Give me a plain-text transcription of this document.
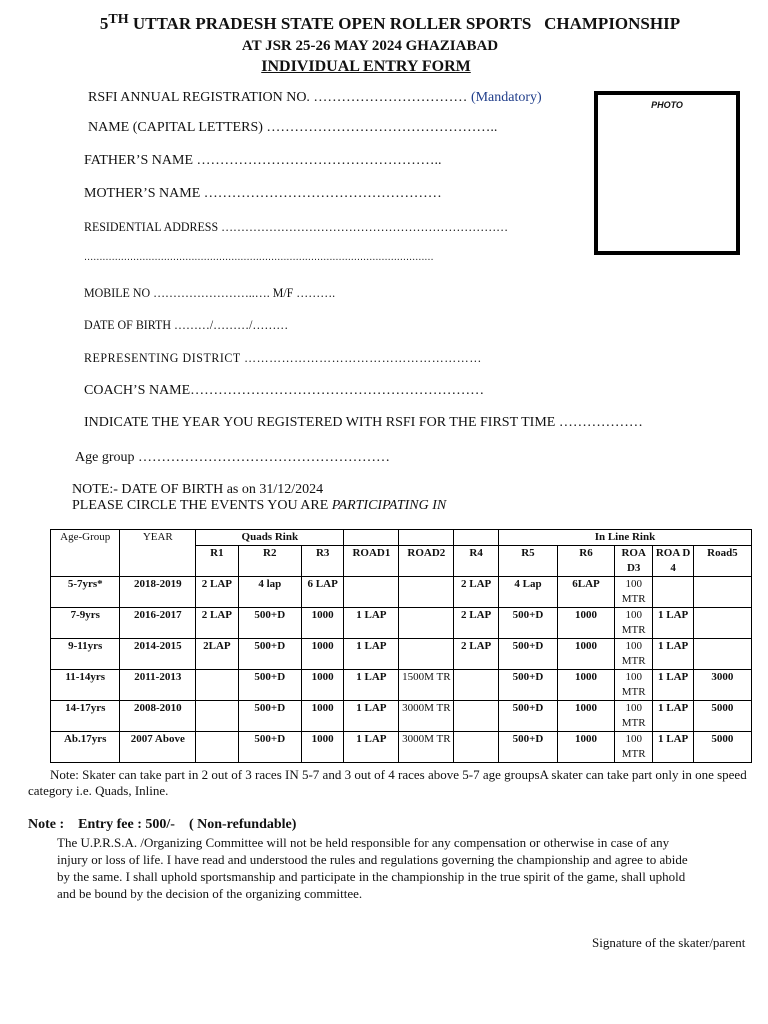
5TH UTTAR PRADESH STATE OPEN ROLLER SPORTS   CHAMPIONSHIP
AT JSR 25-26 MAY 2024 GHAZIABAD
INDIVIDUAL ENTRY FORM
PHOTO
RSFI ANNUAL REGISTRATION NO. …………………………… (Mandatory)
NAME (CAPITAL LETTERS) …………………………………………..
FATHER’S NAME ……………………………………………..
MOTHER’S NAME ……………………………………………
RESIDENTIAL ADDRESS ………………………………………………………………
……………………………………………………………………………………………………
MOBILE NO ……………………..…. M/F ……….
DATE OF BIRTH ………/………/………
REPRESENTING DISTRICT …………………………………………………
COACH’S NAME………………………………………………………
INDICATE THE YEAR YOU REGISTERED WITH RSFI FOR THE FIRST TIME ………………
Age group ………………………………………………
NOTE:- DATE OF BIRTH as on 31/12/2024
PLEASE CIRCLE THE EVENTS YOU ARE PARTICIPATING IN
Age-Group	YEAR	Quads Rink						In Line Rink				
		R1	R2	R3	ROAD1	ROAD2	R4	R5	R6	ROA D3	ROA D 4	Road5
5-7yrs*	2018-2019	2 LAP	4 lap	6 LAP			2 LAP	4 Lap	6LAP	100 MTR		
7-9yrs	2016-2017	2 LAP	500+D	1000	1 LAP		2 LAP	500+D	1000	100 MTR	1 LAP	
9-11yrs	2014-2015	2LAP	500+D	1000	1 LAP		2 LAP	500+D	1000	100 MTR	1 LAP	
11-14yrs	2011-2013		500+D	1000	1 LAP	1500M TR		500+D	1000	100 MTR	1 LAP	3000
14-17yrs	2008-2010		500+D	1000	1 LAP	3000M TR		500+D	1000	100 MTR	1 LAP	5000
Ab.17yrs	2007 Above		500+D	1000	1 LAP	3000M TR		500+D	1000	100 MTR	1 LAP	5000
Note: Skater can take part in 2 out of 3 races IN 5-7 and 3 out of 4 races above 5-7 age groupsA skater can take part only in one speed category i.e. Quads, Inline.
Note :    Entry fee : 500/-    ( Non-refundable)
The U.P.R.S.A. /Organizing Committee will not be held responsible for any compensation or otherwise in case of any injury or loss of life. I have read and understood the rules and regulations governing the championship and agree to abide by the same. I shall uphold sportsmanship and participate in the championship in the true spirit of the game, shall uphold and be bound by the decision of the organizing committee.
Signature of the skater/parent
